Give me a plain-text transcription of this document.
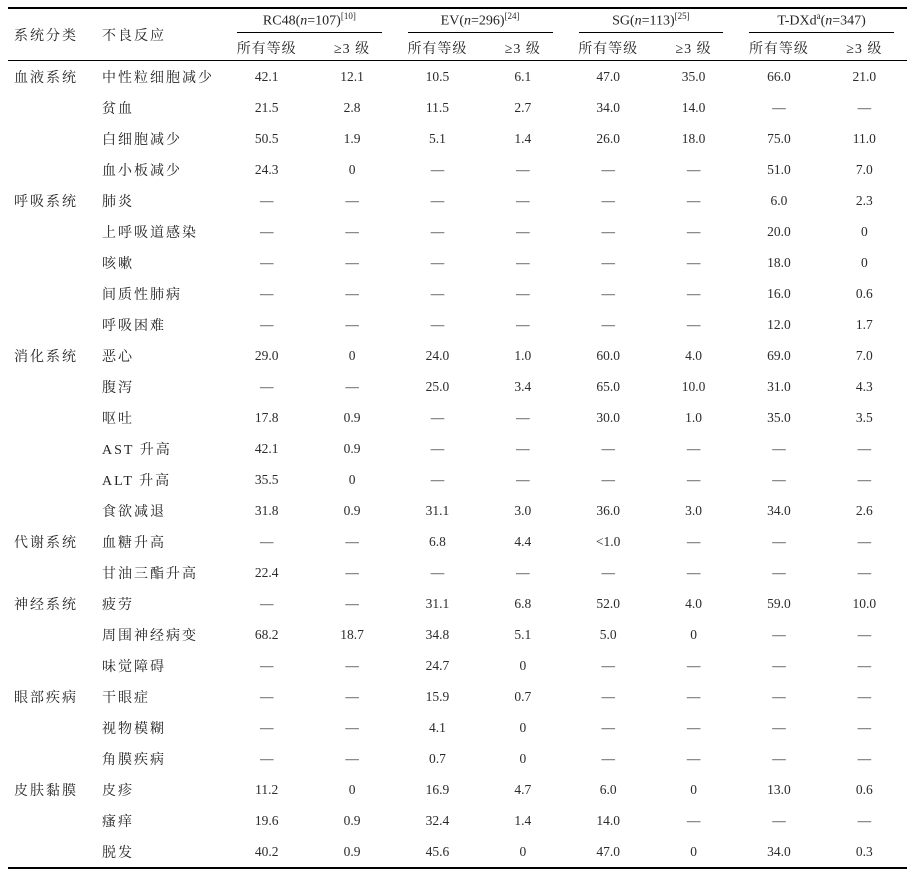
系统分类	不良反应	RC48(n=107)[10]		EV(n=296)[24]		SG(n=113)[25]		T-DXd$^a$(n=347)	

		所有等级	≥3 级	所有等级	≥3 级	所有等级	≥3 级	所有等级	≥3 级
血液系统	中性粒细胞减少	42.1	12.1	10.5	6.1	47.0	35.0	66.0	21.0
	贫血	21.5	2.8	11.5	2.7	34.0	14.0	—	—
	白细胞减少	50.5	1.9	5.1	1.4	26.0	18.0	75.0	11.0
	血小板减少	24.3	0	—	—	—	—	51.0	7.0
呼吸系统	肺炎	—	—	—	—	—	—	6.0	2.3
	上呼吸道感染	—	—	—	—	—	—	20.0	0
	咳嗽	—	—	—	—	—	—	18.0	0
	间质性肺病	—	—	—	—	—	—	16.0	0.6
	呼吸困难	—	—	—	—	—	—	12.0	1.7
消化系统	恶心	29.0	0	24.0	1.0	60.0	4.0	69.0	7.0
	腹泻	—	—	25.0	3.4	65.0	10.0	31.0	4.3
	呕吐	17.8	0.9	—	—	30.0	1.0	35.0	3.5
	AST 升高	42.1	0.9	—	—	—	—	—	—
	ALT 升高	35.5	0	—	—	—	—	—	—
	食欲减退	31.8	0.9	31.1	3.0	36.0	3.0	34.0	2.6
代谢系统	血糖升高	—	—	6.8	4.4	<1.0	—	—	—
	甘油三酯升高	22.4	—	—	—	—	—	—	—
神经系统	疲劳	—	—	31.1	6.8	52.0	4.0	59.0	10.0
	周围神经病变	68.2	18.7	34.8	5.1	5.0	0	—	—
	味觉障碍	—	—	24.7	0	—	—	—	—
眼部疾病	干眼症	—	—	15.9	0.7	—	—	—	—
	视物模糊	—	—	4.1	0	—	—	—	—
	角膜疾病	—	—	0.7	0	—	—	—	—
皮肤黏膜	皮疹	11.2	0	16.9	4.7	6.0	0	13.0	0.6
	瘙痒	19.6	0.9	32.4	1.4	14.0	—	—	—
	脱发	40.2	0.9	45.6	0	47.0	0	34.0	0.3
